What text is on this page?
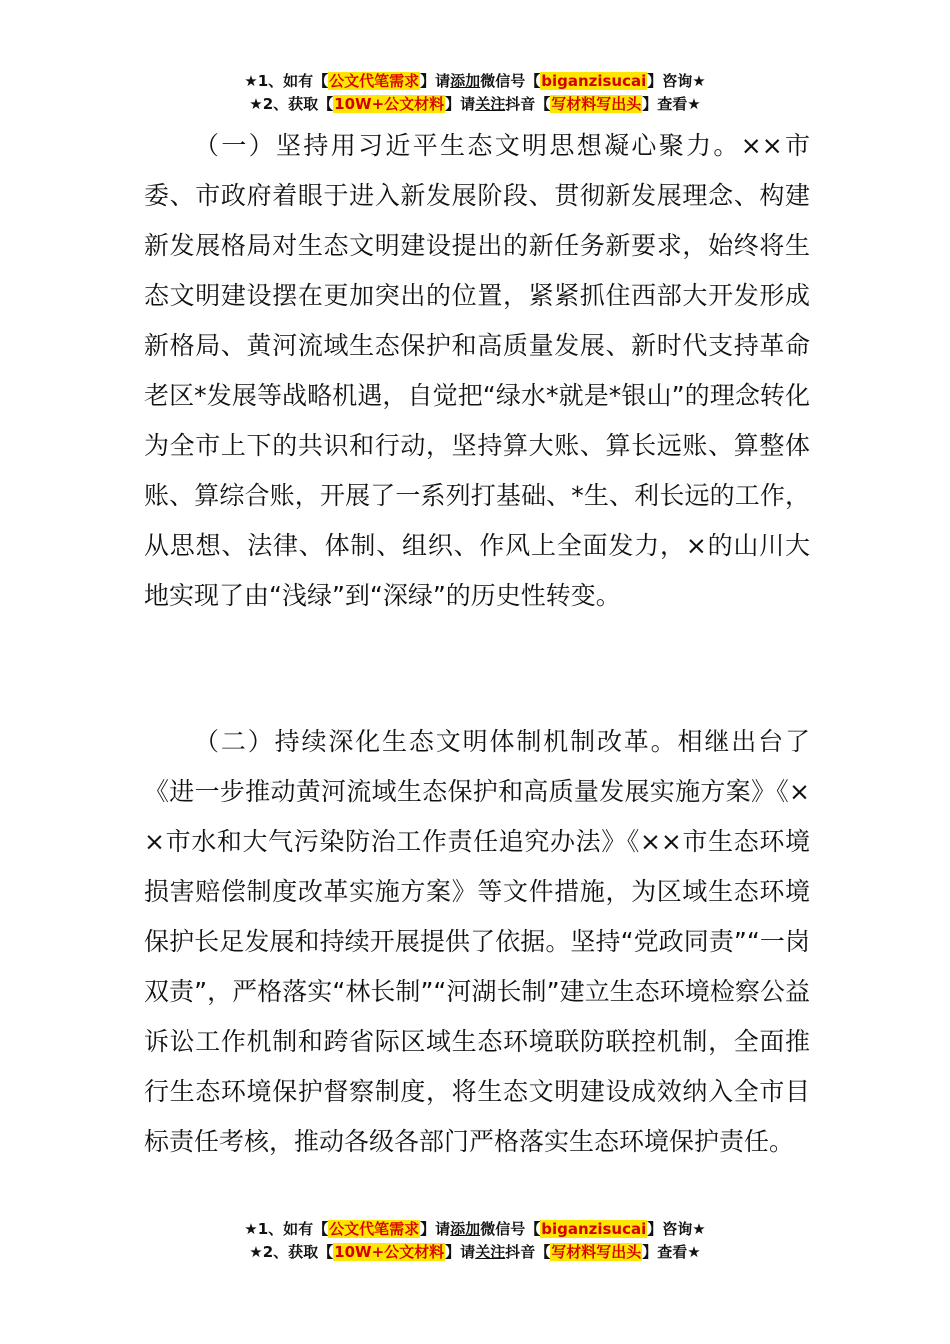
★1、如有【公文代笔需求】请添加微信号【biganzisucai】咨询★
★2、获取【10W+公文材料】请关注抖音【写材料写出头】查看★

（一）坚持用习近平生态文明思想凝心聚力。××市委、市政府着眼于进入新发展阶段、贯彻新发展理念、构建新发展格局对生态文明建设提出的新任务新要求，始终将生态文明建设摆在更加突出的位置，紧紧抓住西部大开发形成新格局、黄河流域生态保护和高质量发展、新时代支持革命老区*发展等战略机遇，自觉把“绿水*就是*银山”的理念转化为全市上下的共识和行动，坚持算大账、算长远账、算整体账、算综合账，开展了一系列打基础、*生、利长远的工作，从思想、法律、体制、组织、作风上全面发力，×的山川大地实现了由“浅绿”到“深绿”的历史性转变。

（二）持续深化生态文明体制机制改革。相继出台了《进一步推动黄河流域生态保护和高质量发展实施方案》《××市水和大气污染防治工作责任追究办法》《××市生态环境损害赔偿制度改革实施方案》等文件措施，为区域生态环境保护长足发展和持续开展提供了依据。坚持“党政同责”“一岗双责”，严格落实“林长制”“河湖长制”建立生态环境检察公益诉讼工作机制和跨省际区域生态环境联防联控机制，全面推行生态环境保护督察制度，将生态文明建设成效纳入全市目标责任考核，推动各级各部门严格落实生态环境保护责任。

★1、如有【公文代笔需求】请添加微信号【biganzisucai】咨询★
★2、获取【10W+公文材料】请关注抖音【写材料写出头】查看★
